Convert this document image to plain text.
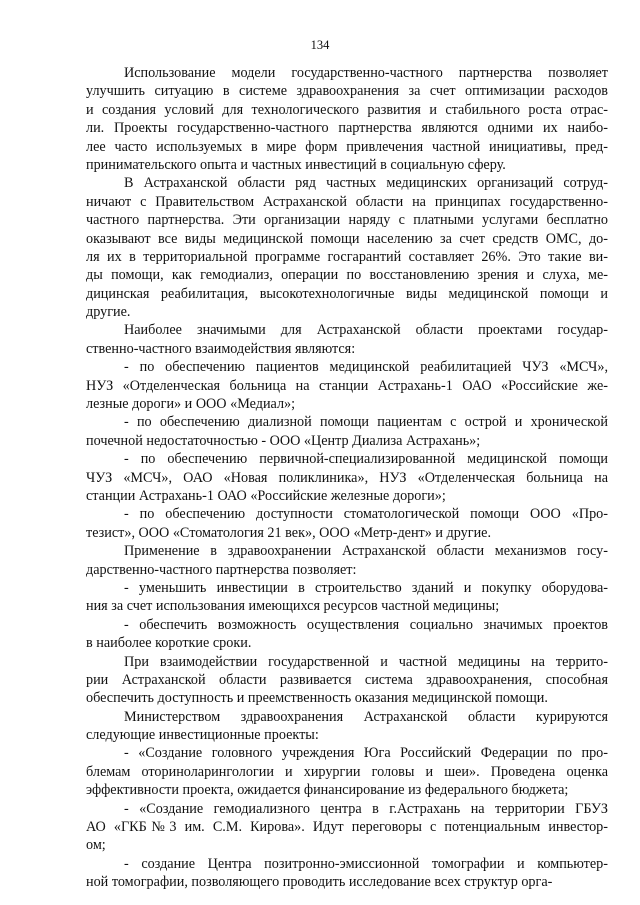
134
Использование модели государственно-частного партнерства позволяет
улучшить ситуацию в системе здравоохранения за счет оптимизации расходов
и создания условий для технологического развития и стабильного роста отрас-
ли. Проекты государственно-частного партнерства являются одними их наибо-
лее часто используемых в мире форм привлечения частной инициативы, пред-
принимательского опыта и частных инвестиций в социальную сферу.
В Астраханской области ряд частных медицинских организаций сотруд-
ничают с Правительством Астраханской области на принципах государственно-
частного партнерства. Эти организации наряду с платными услугами бесплатно
оказывают все виды медицинской помощи населению за счет средств ОМС, до-
ля их в территориальной программе госгарантий составляет 26%. Это такие ви-
ды помощи, как гемодиализ, операции по восстановлению зрения и слуха, ме-
дицинская реабилитация, высокотехнологичные виды медицинской помощи и
другие.
Наиболее значимыми для Астраханской области проектами государ-
ственно-частного взаимодействия являются:
- по обеспечению пациентов медицинской реабилитацией ЧУЗ «МСЧ»,
НУЗ «Отделенческая больница на станции Астрахань-1 ОАО «Российские же-
лезные дороги» и ООО «Медиал»;
- по обеспечению диализной помощи пациентам с острой и хронической
почечной недостаточностью - ООО «Центр Диализа Астрахань»;
- по обеспечению первичной-специализированной медицинской помощи
ЧУЗ «МСЧ», ОАО «Новая поликлиника», НУЗ «Отделенческая больница на
станции Астрахань-1 ОАО «Российские железные дороги»;
- по обеспечению доступности стоматологической помощи ООО «Про-
тезист», ООО «Стоматология 21 век», ООО «Метр-дент» и другие.
Применение в здравоохранении Астраханской области механизмов госу-
дарственно-частного партнерства позволяет:
- уменьшить инвестиции в строительство зданий и покупку оборудова-
ния за счет использования имеющихся ресурсов частной медицины;
- обеспечить возможность осуществления социально значимых проектов
в наиболее короткие сроки.
При взаимодействии государственной и частной медицины на террито-
рии Астраханской области развивается система здравоохранения, способная
обеспечить доступность и преемственность оказания медицинской помощи.
Министерством здравоохранения Астраханской области курируются
следующие инвестиционные проекты:
- «Создание головного учреждения Юга Российский Федерации по про-
блемам оториноларингологии и хирургии головы и шеи». Проведена оценка
эффективности проекта, ожидается финансирование из федерального бюджета;
- «Создание гемодиализного центра в г.Астрахань на территории ГБУЗ
АО «ГКБ№3 им. С.М. Кирова». Идут переговоры с потенциальным инвестор-
ом;
- создание Центра позитронно-эмиссионной томографии и компьютер-
ной томографии, позволяющего проводить исследование всех структур орга-
